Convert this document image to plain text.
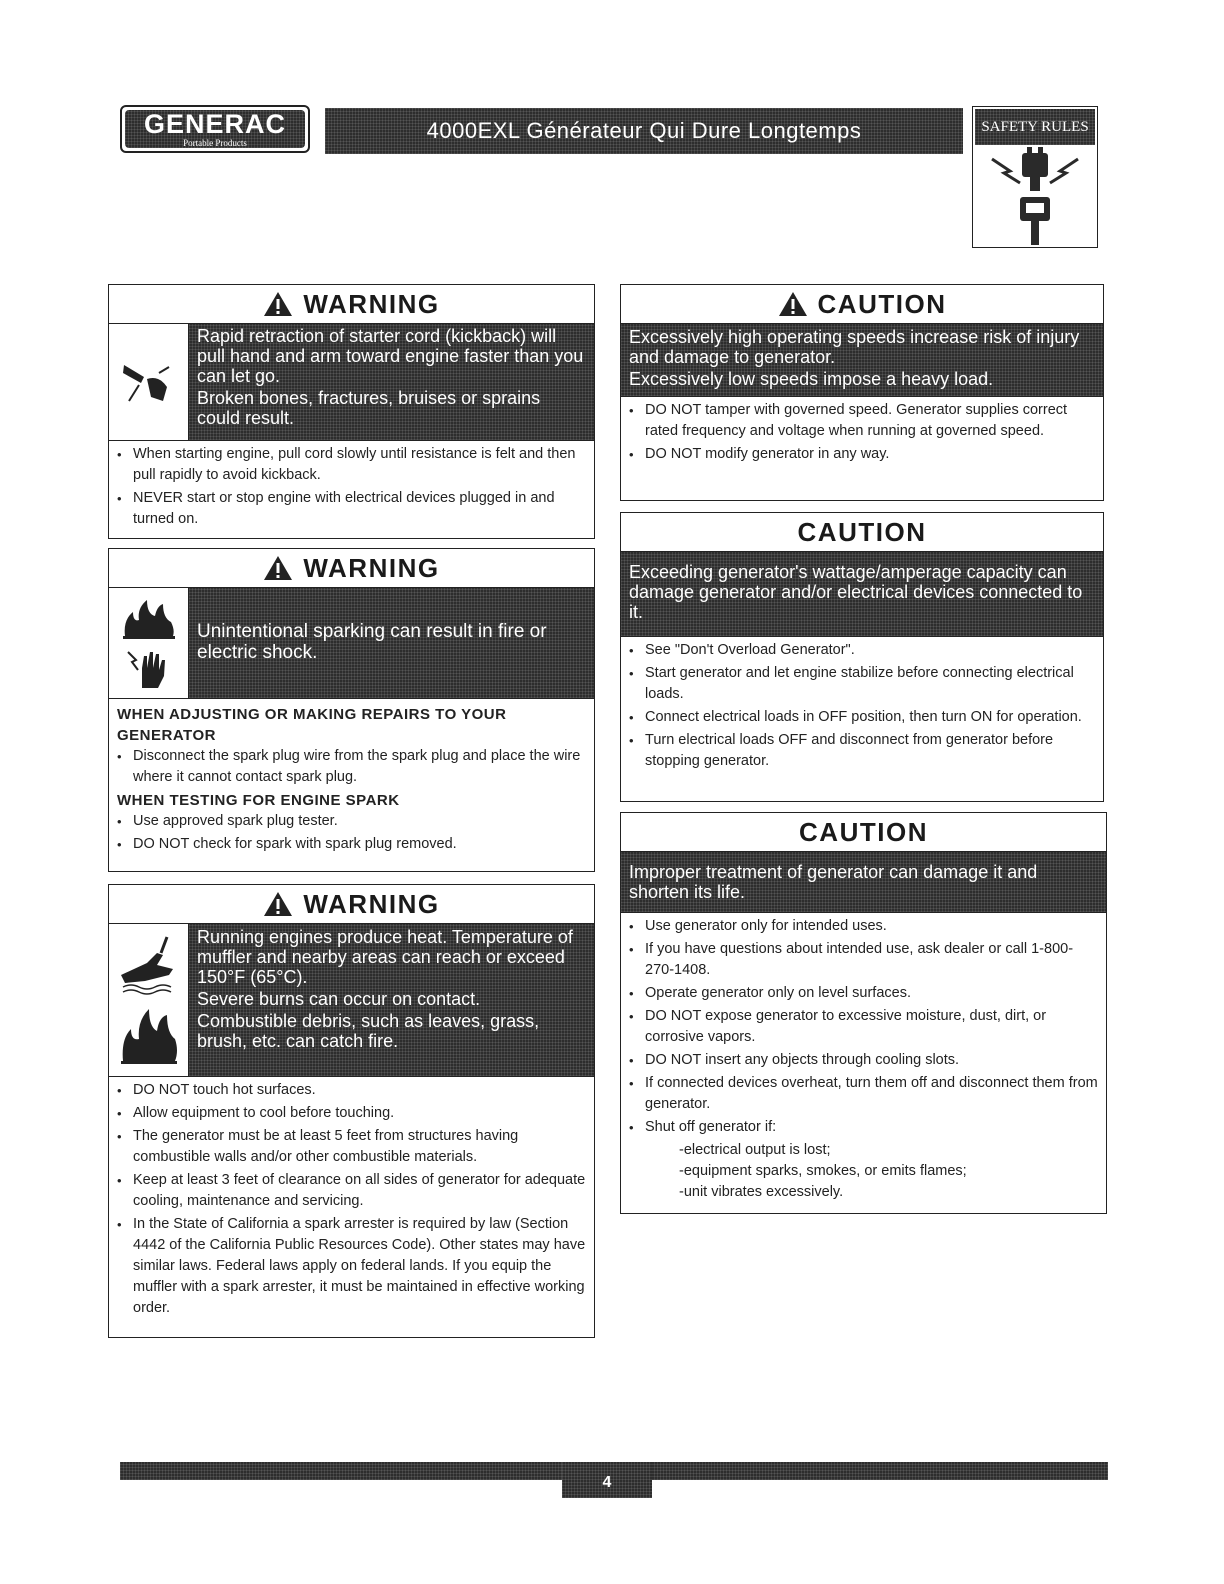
GENERAC
Portable Products	4000EXL Générateur Qui Dure Longtemps	SAFETY RULES
WARNING

Rapid retraction of starter cord (kickback) will pull hand and arm toward engine faster than you can let go.

Broken bones, fractures, bruises or sprains could result.

• When starting engine, pull cord slowly until resistance is felt and then pull rapidly to avoid kickback.
• NEVER start or stop engine with electrical devices plugged in and turned on.
WARNING

Unintentional sparking can result in fire or electric shock.

WHEN ADJUSTING OR MAKING REPAIRS TO YOUR GENERATOR
• Disconnect the spark plug wire from the spark plug and place the wire where it cannot contact spark plug.
WHEN TESTING FOR ENGINE SPARK
• Use approved spark plug tester.
• DO NOT check for spark with spark plug removed.
WARNING

Running engines produce heat. Temperature of muffler and nearby areas can reach or exceed 150°F (65°C).

Severe burns can occur on contact.

Combustible debris, such as leaves, grass, brush, etc. can catch fire.

• DO NOT touch hot surfaces.
• Allow equipment to cool before touching.
• The generator must be at least 5 feet from structures having combustible walls and/or other combustible materials.
• Keep at least 3 feet of clearance on all sides of generator for adequate cooling, maintenance and servicing.
• In the State of California a spark arrester is required by law (Section 4442 of the California Public Resources Code). Other states may have similar laws. Federal laws apply on federal lands. If you equip the muffler with a spark arrester, it must be maintained in effective working order.
CAUTION

Excessively high operating speeds increase risk of injury and damage to generator.

Excessively low speeds impose a heavy load.

• DO NOT tamper with governed speed. Generator supplies correct rated frequency and voltage when running at governed speed.
• DO NOT modify generator in any way.
CAUTION

Exceeding generator's wattage/amperage capacity can damage generator and/or electrical devices connected to it.

• See "Don't Overload Generator".
• Start generator and let engine stabilize before connecting electrical loads.
• Connect electrical loads in OFF position, then turn ON for operation.
• Turn electrical loads OFF and disconnect from generator before stopping generator.
CAUTION

Improper treatment of generator can damage it and shorten its life.

• Use generator only for intended uses.
• If you have questions about intended use, ask dealer or call 1-800-270-1408.
• Operate generator only on level surfaces.
• DO NOT expose generator to excessive moisture, dust, dirt, or corrosive vapors.
• DO NOT insert any objects through cooling slots.
• If connected devices overheat, turn them off and disconnect them from generator.
• Shut off generator if:
-electrical output is lost;
-equipment sparks, smokes, or emits flames;
-unit vibrates excessively.
4
